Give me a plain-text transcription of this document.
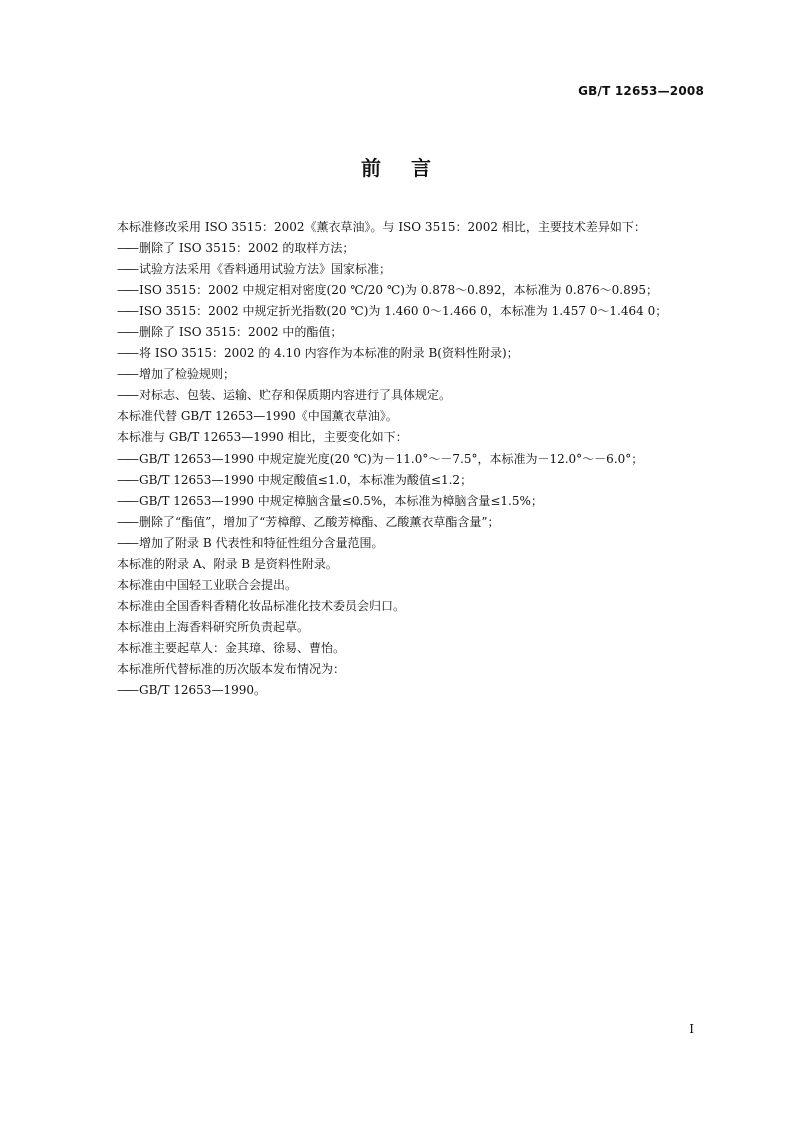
GB/T 12653—2008
前 言
本标准修改采用 ISO 3515：2002《薰衣草油》。与 ISO 3515：2002 相比，主要技术差异如下：
—— 删除了 ISO 3515：2002 的取样方法；
—— 试验方法采用《香料通用试验方法》国家标准；
—— ISO 3515：2002 中规定相对密度(20 ℃/20 ℃)为 0.878～0.892，本标准为 0.876～0.895；
—— ISO 3515：2002 中规定折光指数(20 ℃)为 1.460 0～1.466 0，本标准为 1.457 0～1.464 0；
—— 删除了 ISO 3515：2002 中的酯值；
—— 将 ISO 3515：2002 的 4.10 内容作为本标准的附录 B(资料性附录)；
—— 增加了检验规则；
—— 对标志、包装、运输、贮存和保质期内容进行了具体规定。
本标准代替 GB/T 12653—1990《中国薰衣草油》。
本标准与 GB/T 12653—1990 相比，主要变化如下：
—— GB/T 12653—1990 中规定旋光度(20 ℃)为－11.0°～－7.5°，本标准为－12.0°～－6.0°；
—— GB/T 12653—1990 中规定酸值≤1.0，本标准为酸值≤1.2；
—— GB/T 12653—1990 中规定樟脑含量≤0.5%，本标准为樟脑含量≤1.5%；
—— 删除了“酯值”，增加了“芳樟醇、乙酸芳樟酯、乙酸薰衣草酯含量”；
—— 增加了附录 B 代表性和特征性组分含量范围。
本标准的附录 A、附录 B 是资料性附录。
本标准由中国轻工业联合会提出。
本标准由全国香料香精化妆品标准化技术委员会归口。
本标准由上海香料研究所负责起草。
本标准主要起草人：金其璋、徐易、曹怡。
本标准所代替标准的历次版本发布情况为：
—— GB/T 12653—1990。
I
